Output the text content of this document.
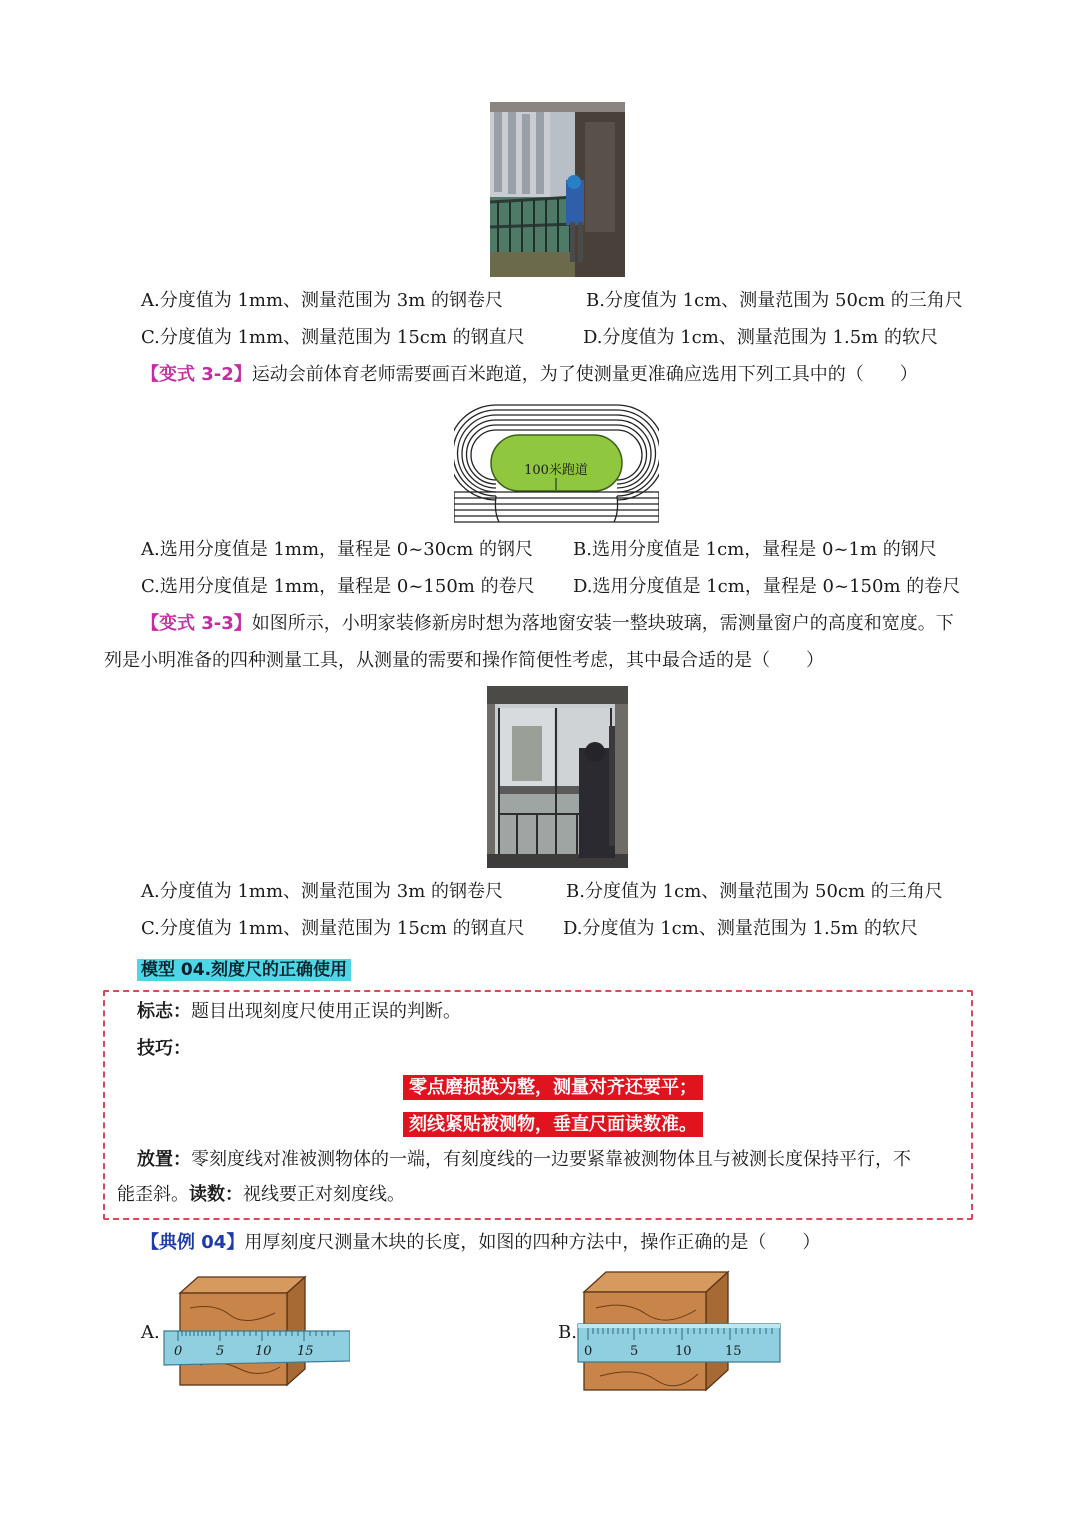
A.分度值为 1mm、测量范围为 3m 的钢卷尺	B.分度值为 1cm、测量范围为 50cm 的三角尺
C.分度值为 1mm、测量范围为 15cm 的钢直尺	D.分度值为 1cm、测量范围为 1.5m 的软尺
【变式 3-2】运动会前体育老师需要画百米跑道，为了使测量更准确应选用下列工具中的（　　）
100米跑道
A.选用分度值是 1mm，量程是 0~30cm 的钢尺 B.选用分度值是 1cm，量程是 0~1m 的钢尺
C.选用分度值是 1mm，量程是 0~150m 的卷尺 D.选用分度值是 1cm，量程是 0~150m 的卷尺
【变式 3-3】如图所示，小明家装修新房时想为落地窗安装一整块玻璃，需测量窗户的高度和宽度。下
列是小明准备的四种测量工具，从测量的需要和操作简便性考虑，其中最合适的是（　　）
A.分度值为 1mm、测量范围为 3m 的钢卷尺	B.分度值为 1cm、测量范围为 50cm 的三角尺
C.分度值为 1mm、测量范围为 15cm 的钢直尺 D.分度值为 1cm、测量范围为 1.5m 的软尺
模型 04.刻度尺的正确使用
标志：题目出现刻度尺使用正误的判断。
技巧：
零点磨损换为整，测量对齐还要平；
刻线紧贴被测物，垂直尺面读数准。
放置：零刻度线对准被测物体的一端，有刻度线的一边要紧靠被测物体且与被测长度保持平行，不
能歪斜。读数：视线要正对刻度线。
【典例 04】用厚刻度尺测量木块的长度，如图的四种方法中，操作正确的是（　　）
A.
0	5 10 15
B.
0	5	10	15
